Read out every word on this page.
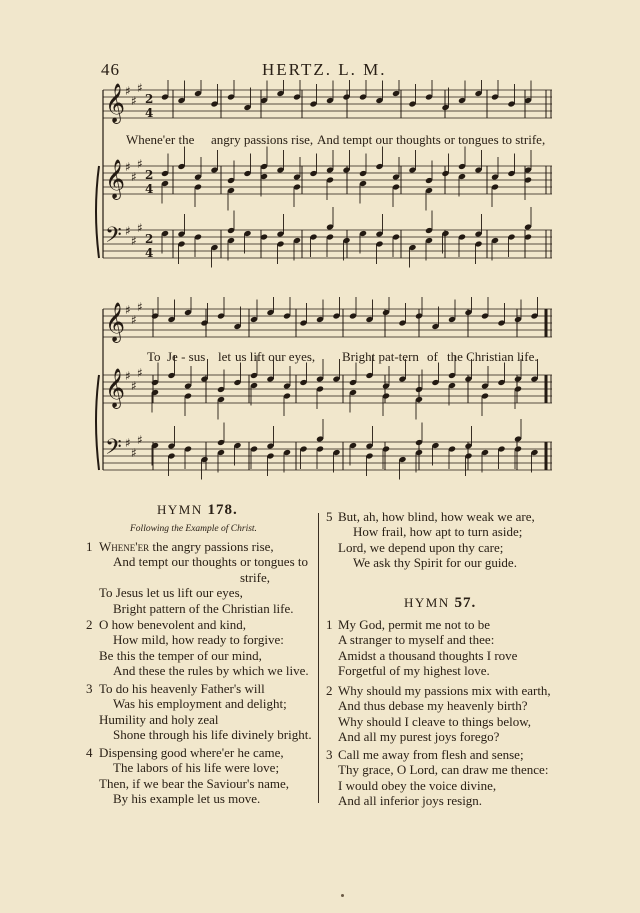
46	HERTZ. L. M.
𝄞 ♯
♯
♯
2
4
𝄞 ♯
♯
♯
2
4
𝄢 ♯
♯
♯
2
4
Whene'er the angry passions rise, And tempt our thoughts or tongues to strife,
𝄞 ♯
♯
♯
𝄞 ♯
♯
♯
𝄢 ♯
♯
♯
To Je - sus let us lift our eyes, Bright pat-tern of the Christian life.
HYMN 178.
Following the Example of Christ.
1 Whene'er the angry passions rise,
And tempt our thoughts or tongues to
strife,
To Jesus let us lift our eyes,
Bright pattern of the Christian life.
2 O how benevolent and kind,
How mild, how ready to forgive:
Be this the temper of our mind,
And these the rules by which we live.
3 To do his heavenly Father's will
Was his employment and delight;
Humility and holy zeal
Shone through his life divinely bright.
4 Dispensing good where'er he came,
The labors of his life were love;
Then, if we bear the Saviour's name,
By his example let us move.
5 But, ah, how blind, how weak we are,
How frail, how apt to turn aside;
Lord, we depend upon thy care;
We ask thy Spirit for our guide.
HYMN 57.
1 My God, permit me not to be
A stranger to myself and thee:
Amidst a thousand thoughts I rove
Forgetful of my highest love.
2 Why should my passions mix with earth,
And thus debase my heavenly birth?
Why should I cleave to things below,
And all my purest joys forego?
3 Call me away from flesh and sense;
Thy grace, O Lord, can draw me thence:
I would obey the voice divine,
And all inferior joys resign.
